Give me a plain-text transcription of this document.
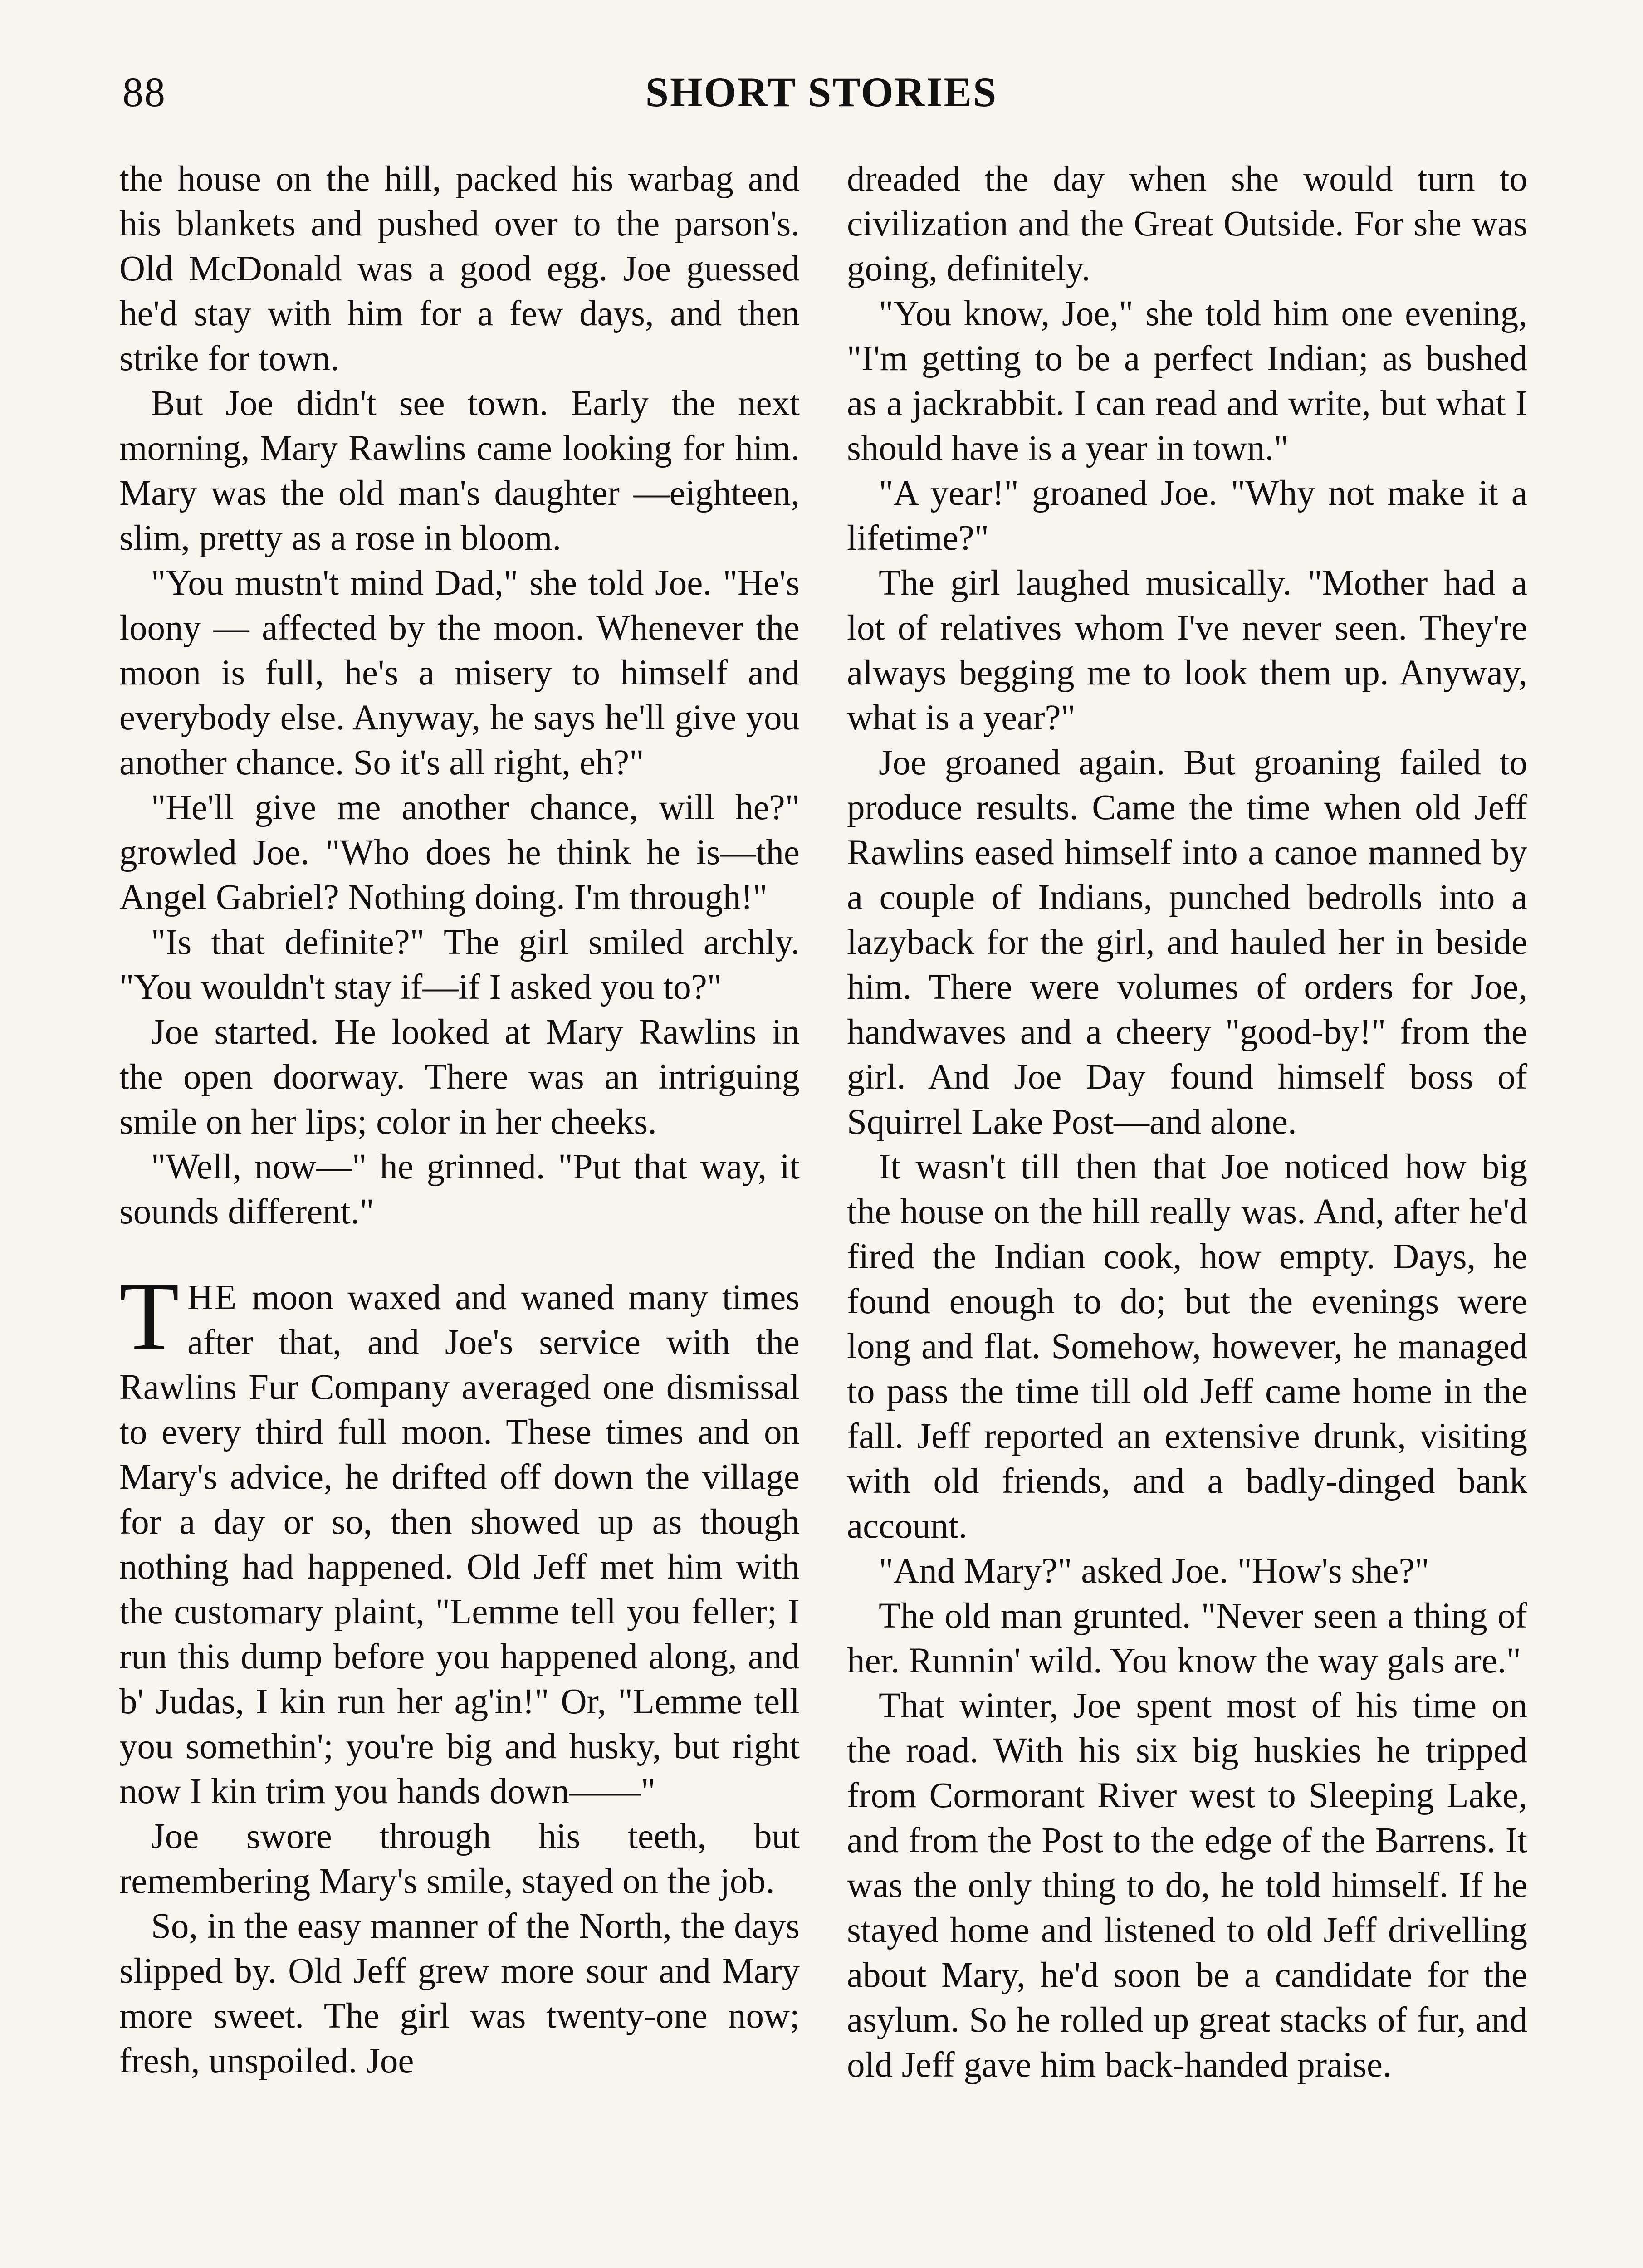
88	SHORT STORIES

the house on the hill, packed his warbag and his blankets and pushed over to the parson's. Old McDonald was a good egg. Joe guessed he'd stay with him for a few days, and then strike for town.

But Joe didn't see town. Early the next morning, Mary Rawlins came looking for him. Mary was the old man's daughter —eighteen, slim, pretty as a rose in bloom.

"You mustn't mind Dad," she told Joe. "He's loony — affected by the moon. Whenever the moon is full, he's a misery to himself and everybody else. Anyway, he says he'll give you another chance. So it's all right, eh?"

"He'll give me another chance, will he?" growled Joe. "Who does he think he is—the Angel Gabriel? Nothing doing. I'm through!"

"Is that definite?" The girl smiled archly. "You wouldn't stay if—if I asked you to?"

Joe started. He looked at Mary Rawlins in the open doorway. There was an intriguing smile on her lips; color in her cheeks.

"Well, now—" he grinned. "Put that way, it sounds different."

THE moon waxed and waned many times after that, and Joe's service with the Rawlins Fur Company averaged one dismissal to every third full moon. These times and on Mary's advice, he drifted off down the village for a day or so, then showed up as though nothing had happened. Old Jeff met him with the customary plaint, "Lemme tell you feller; I run this dump before you happened along, and b' Judas, I kin run her ag'in!" Or, "Lemme tell you somethin'; you're big and husky, but right now I kin trim you hands down——"

Joe swore through his teeth, but remembering Mary's smile, stayed on the job.

So, in the easy manner of the North, the days slipped by. Old Jeff grew more sour and Mary more sweet. The girl was twenty-one now; fresh, unspoiled. Joe

dreaded the day when she would turn to civilization and the Great Outside. For she was going, definitely.

"You know, Joe," she told him one evening, "I'm getting to be a perfect Indian; as bushed as a jackrabbit. I can read and write, but what I should have is a year in town."

"A year!" groaned Joe. "Why not make it a lifetime?"

The girl laughed musically. "Mother had a lot of relatives whom I've never seen. They're always begging me to look them up. Anyway, what is a year?"

Joe groaned again. But groaning failed to produce results. Came the time when old Jeff Rawlins eased himself into a canoe manned by a couple of Indians, punched bedrolls into a lazyback for the girl, and hauled her in beside him. There were volumes of orders for Joe, handwaves and a cheery "good-by!" from the girl. And Joe Day found himself boss of Squirrel Lake Post—and alone.

It wasn't till then that Joe noticed how big the house on the hill really was. And, after he'd fired the Indian cook, how empty. Days, he found enough to do; but the evenings were long and flat. Somehow, however, he managed to pass the time till old Jeff came home in the fall. Jeff reported an extensive drunk, visiting with old friends, and a badly-dinged bank account.

"And Mary?" asked Joe. "How's she?"

The old man grunted. "Never seen a thing of her. Runnin' wild. You know the way gals are."

That winter, Joe spent most of his time on the road. With his six big huskies he tripped from Cormorant River west to Sleeping Lake, and from the Post to the edge of the Barrens. It was the only thing to do, he told himself. If he stayed home and listened to old Jeff drivelling about Mary, he'd soon be a candidate for the asylum. So he rolled up great stacks of fur, and old Jeff gave him back-handed praise.
